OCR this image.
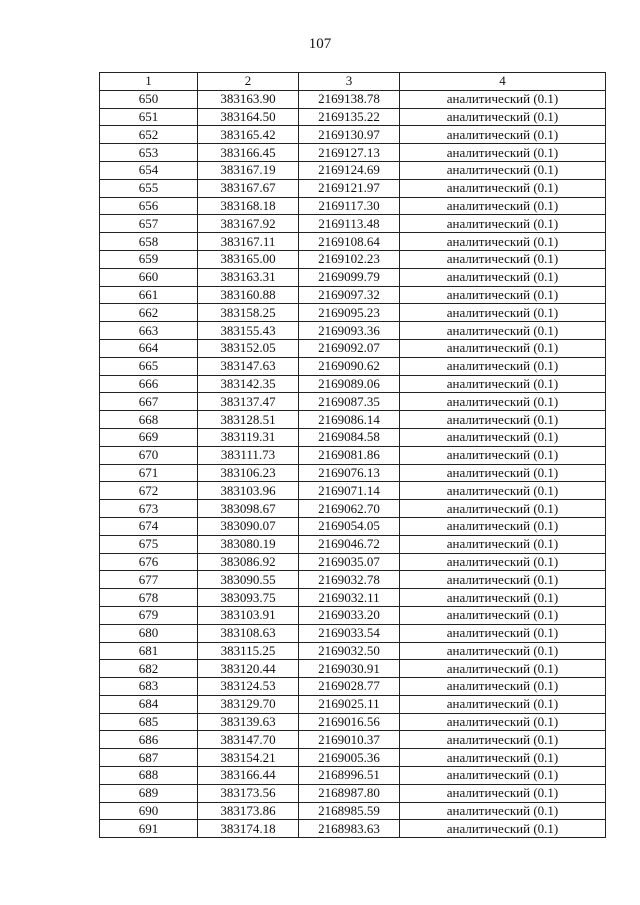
107
1	2	3	4
650	383163.90	2169138.78	аналитический (0.1)
651	383164.50	2169135.22	аналитический (0.1)
652	383165.42	2169130.97	аналитический (0.1)
653	383166.45	2169127.13	аналитический (0.1)
654	383167.19	2169124.69	аналитический (0.1)
655	383167.67	2169121.97	аналитический (0.1)
656	383168.18	2169117.30	аналитический (0.1)
657	383167.92	2169113.48	аналитический (0.1)
658	383167.11	2169108.64	аналитический (0.1)
659	383165.00	2169102.23	аналитический (0.1)
660	383163.31	2169099.79	аналитический (0.1)
661	383160.88	2169097.32	аналитический (0.1)
662	383158.25	2169095.23	аналитический (0.1)
663	383155.43	2169093.36	аналитический (0.1)
664	383152.05	2169092.07	аналитический (0.1)
665	383147.63	2169090.62	аналитический (0.1)
666	383142.35	2169089.06	аналитический (0.1)
667	383137.47	2169087.35	аналитический (0.1)
668	383128.51	2169086.14	аналитический (0.1)
669	383119.31	2169084.58	аналитический (0.1)
670	383111.73	2169081.86	аналитический (0.1)
671	383106.23	2169076.13	аналитический (0.1)
672	383103.96	2169071.14	аналитический (0.1)
673	383098.67	2169062.70	аналитический (0.1)
674	383090.07	2169054.05	аналитический (0.1)
675	383080.19	2169046.72	аналитический (0.1)
676	383086.92	2169035.07	аналитический (0.1)
677	383090.55	2169032.78	аналитический (0.1)
678	383093.75	2169032.11	аналитический (0.1)
679	383103.91	2169033.20	аналитический (0.1)
680	383108.63	2169033.54	аналитический (0.1)
681	383115.25	2169032.50	аналитический (0.1)
682	383120.44	2169030.91	аналитический (0.1)
683	383124.53	2169028.77	аналитический (0.1)
684	383129.70	2169025.11	аналитический (0.1)
685	383139.63	2169016.56	аналитический (0.1)
686	383147.70	2169010.37	аналитический (0.1)
687	383154.21	2169005.36	аналитический (0.1)
688	383166.44	2168996.51	аналитический (0.1)
689	383173.56	2168987.80	аналитический (0.1)
690	383173.86	2168985.59	аналитический (0.1)
691	383174.18	2168983.63	аналитический (0.1)
